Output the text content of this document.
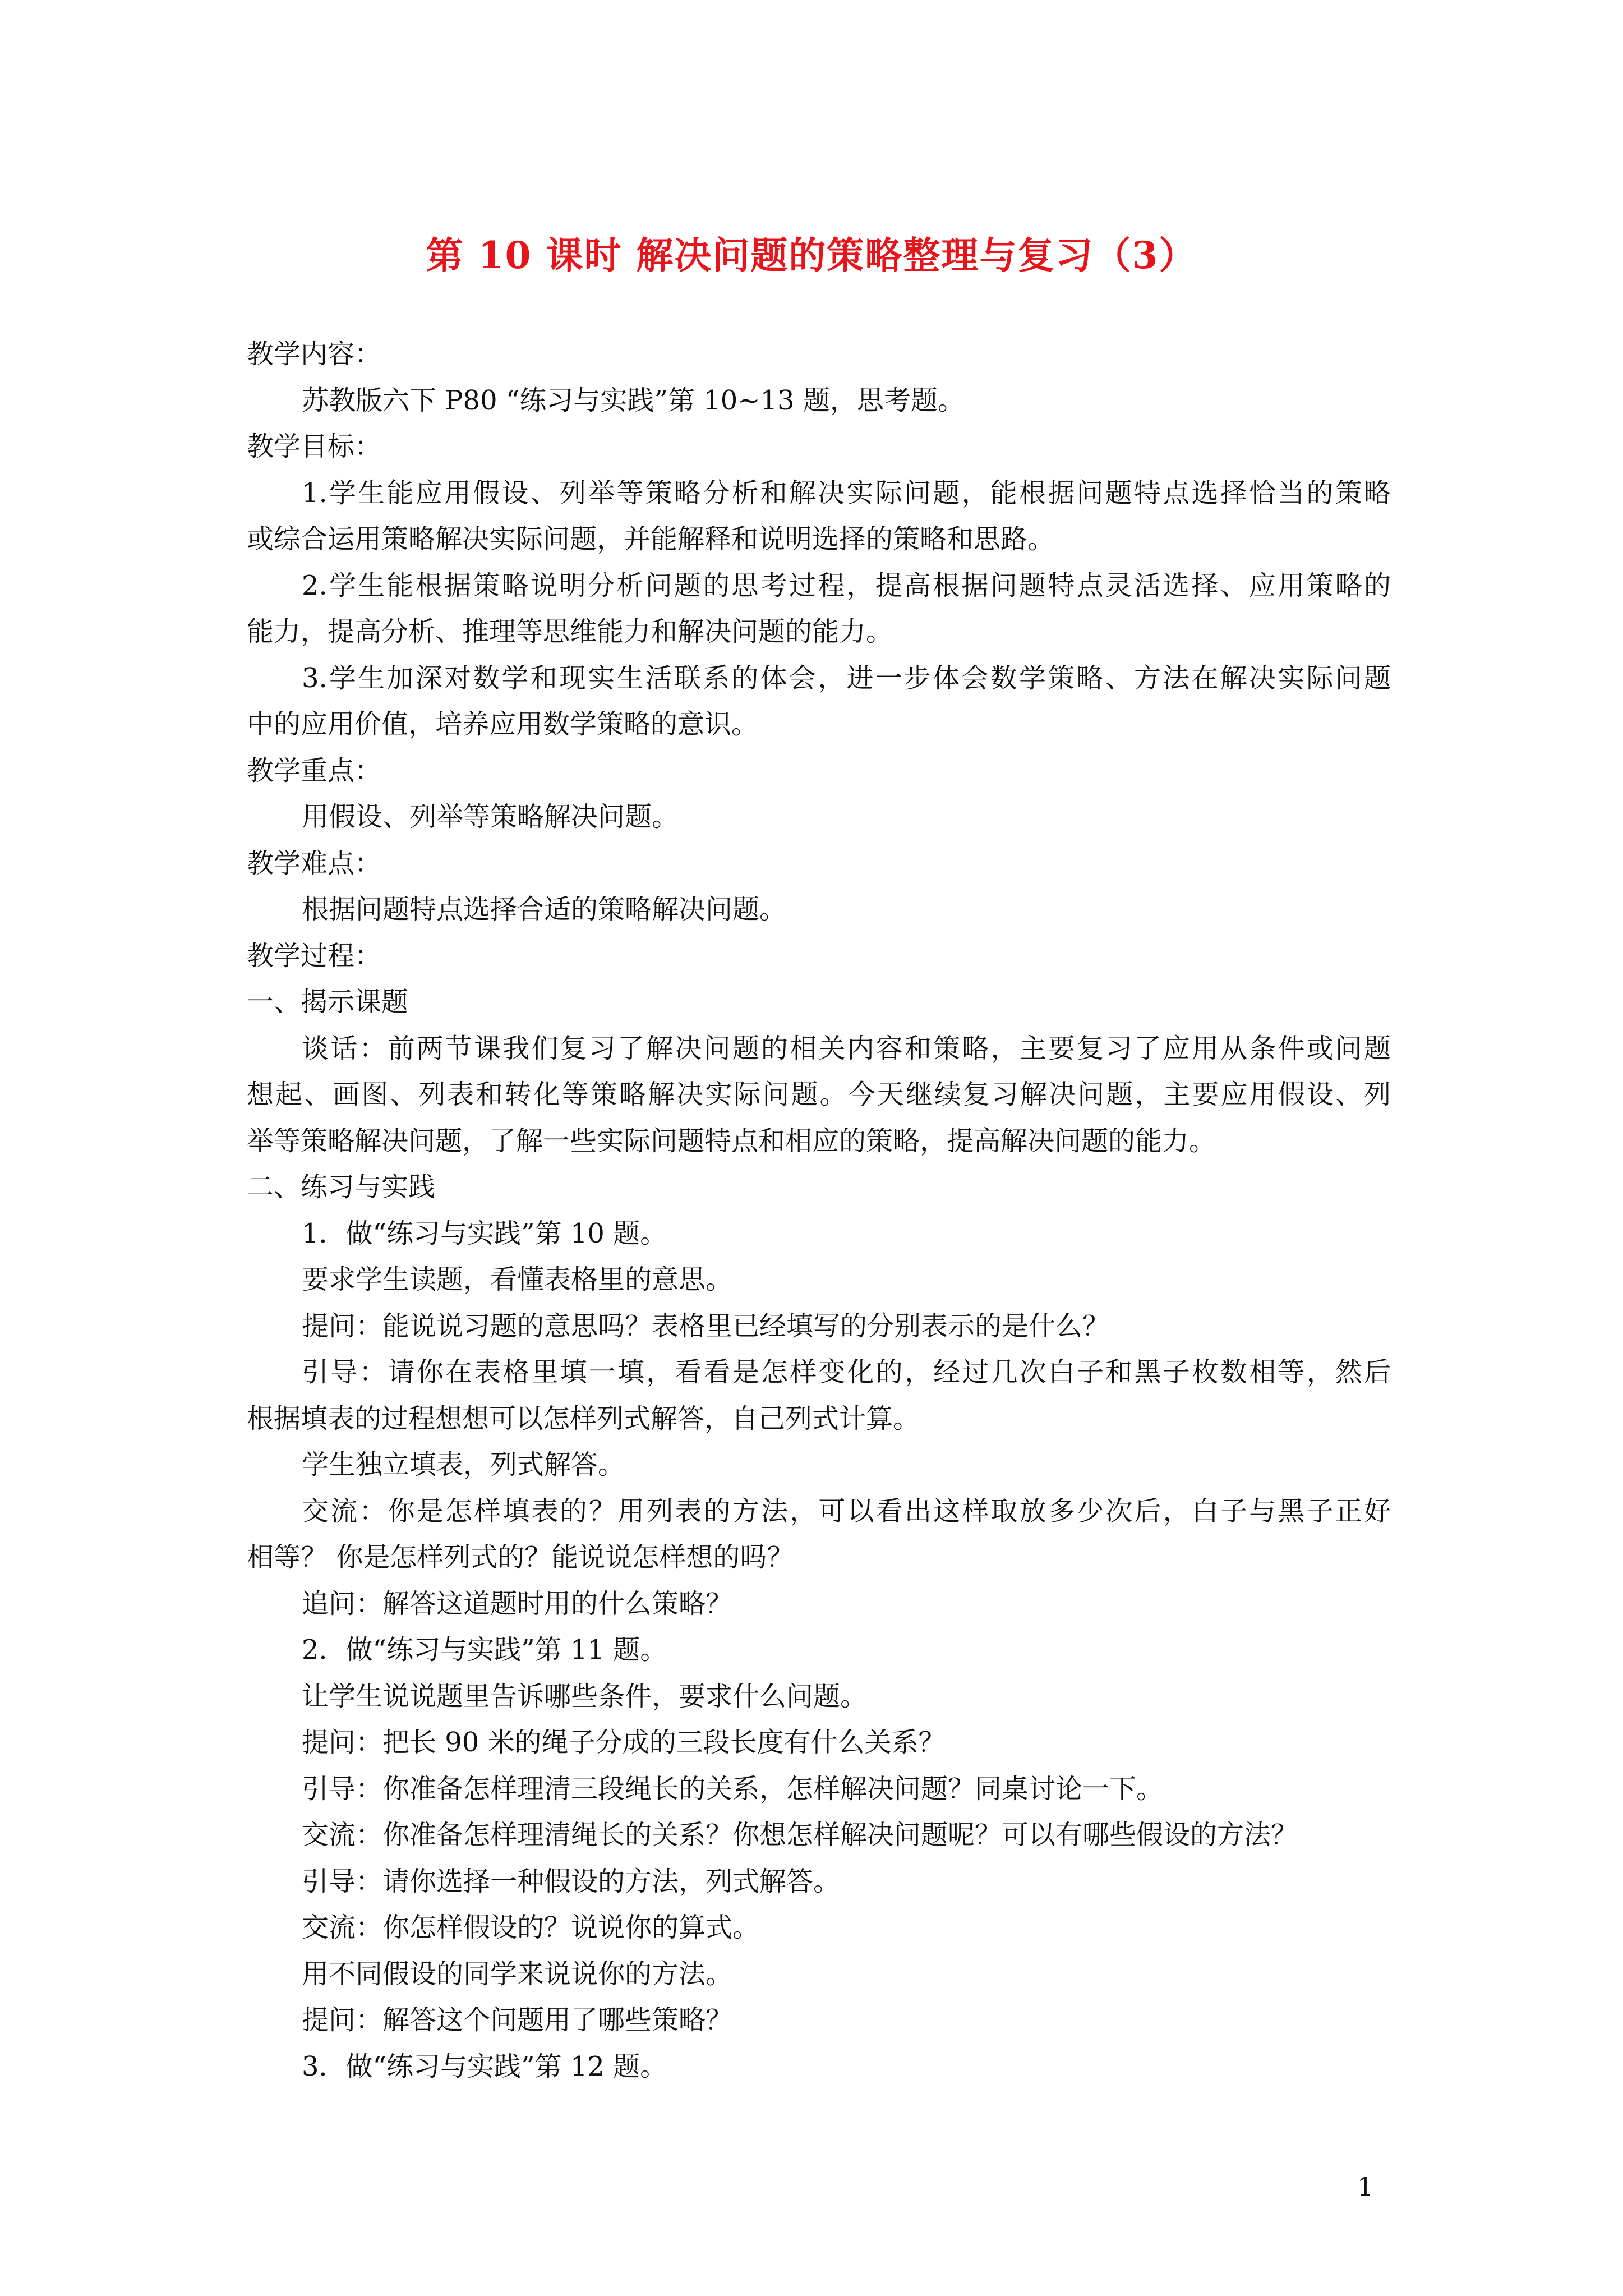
第 10 课时 解决问题的策略整理与复习（3）
教学内容：
苏教版六下 P80 “练习与实践”第 10~13 题，思考题。
教学目标：
1.学生能应用假设、列举等策略分析和解决实际问题，能根据问题特点选择恰当的策略
或综合运用策略解决实际问题，并能解释和说明选择的策略和思路。
2.学生能根据策略说明分析问题的思考过程，提高根据问题特点灵活选择、应用策略的
能力，提高分析、推理等思维能力和解决问题的能力。
3.学生加深对数学和现实生活联系的体会，进一步体会数学策略、方法在解决实际问题
中的应用价值，培养应用数学策略的意识。
教学重点：
用假设、列举等策略解决问题。
教学难点：
根据问题特点选择合适的策略解决问题。
教学过程：
一、揭示课题
谈话：前两节课我们复习了解决问题的相关内容和策略，主要复习了应用从条件或问题
想起、画图、列表和转化等策略解决实际问题。今天继续复习解决问题，主要应用假设、列
举等策略解决问题，了解一些实际问题特点和相应的策略，提高解决问题的能力。
二、练习与实践
1．做“练习与实践”第 10 题。
要求学生读题，看懂表格里的意思。
提问：能说说习题的意思吗？表格里已经填写的分别表示的是什么？
引导：请你在表格里填一填，看看是怎样变化的，经过几次白子和黑子枚数相等，然后
根据填表的过程想想可以怎样列式解答，自己列式计算。
学生独立填表，列式解答。
交流：你是怎样填表的？用列表的方法，可以看出这样取放多少次后，白子与黑子正好
相等？ 你是怎样列式的？能说说怎样想的吗？
追问：解答这道题时用的什么策略？
2．做“练习与实践”第 11 题。
让学生说说题里告诉哪些条件，要求什么问题。
提问：把长 90 米的绳子分成的三段长度有什么关系？
引导：你准备怎样理清三段绳长的关系，怎样解决问题？同桌讨论一下。
交流：你准备怎样理清绳长的关系？你想怎样解决问题呢？可以有哪些假设的方法？
引导：请你选择一种假设的方法，列式解答。
交流：你怎样假设的？说说你的算式。
用不同假设的同学来说说你的方法。
提问：解答这个问题用了哪些策略？
3．做“练习与实践”第 12 题。
1
